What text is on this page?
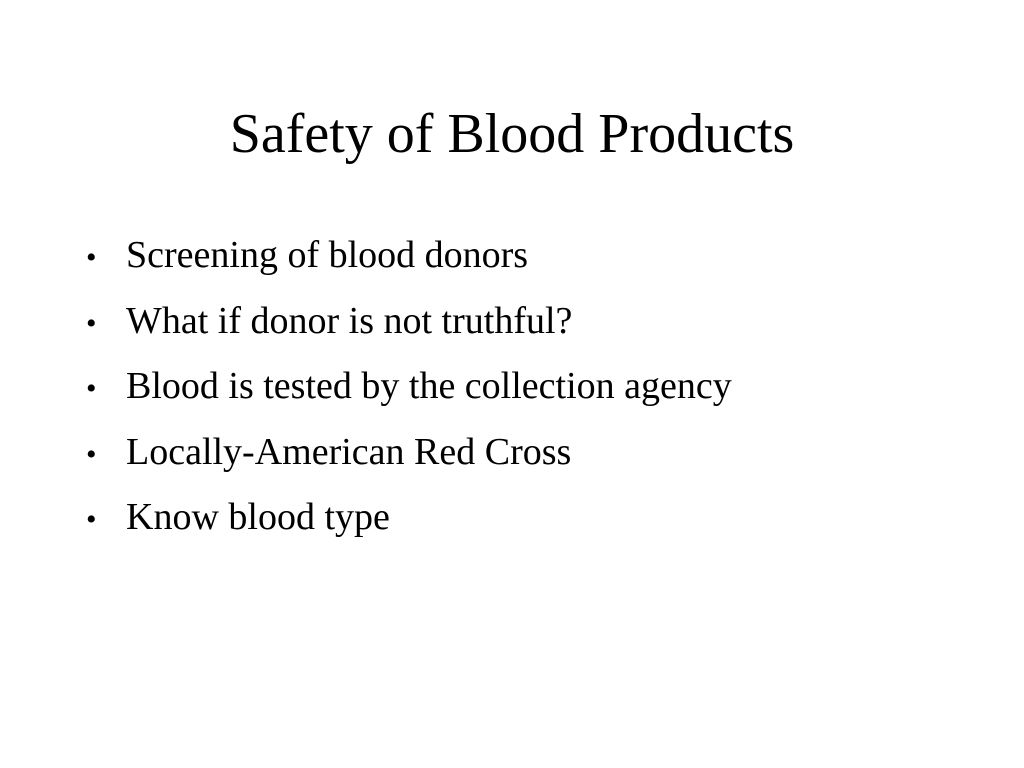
Safety of Blood Products
• Screening of blood donors
• What if donor is not truthful?
• Blood is tested by the collection agency
• Locally-American Red Cross
• Know blood type
